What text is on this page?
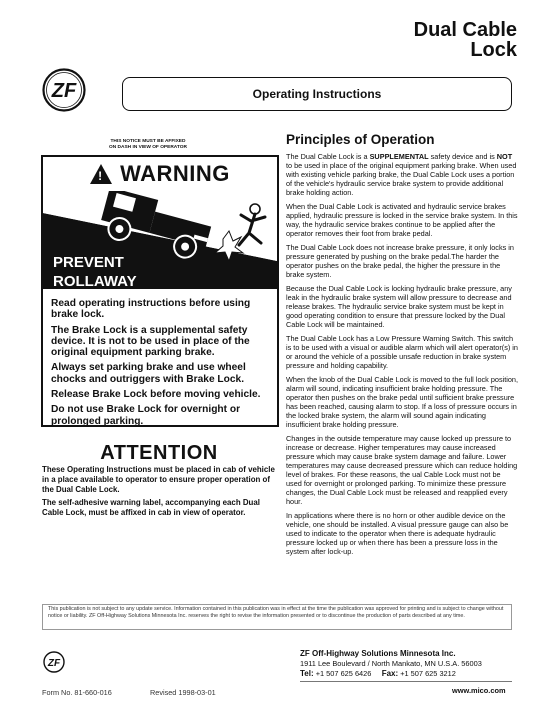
Dual Cable
Lock
ZF	Operating Instructions
THIS NOTICE MUST BE AFFIXED
ON DASH IN VIEW OF OPERATOR
! WARNING
PREVENT
ROLLAWAY

Read operating instructions before using brake lock.

The Brake Lock is a supplemental safety device. It is not to be used in place of the original equipment parking brake.

Always set parking brake and use wheel chocks and outriggers with Brake Lock.

Release Brake Lock before moving vehicle.

Do not use Brake Lock for overnight or prolonged parking.

ATTENTION

These Operating Instructions must be placed in cab of vehicle in a place available to operator to ensure proper operation of the Dual Cable Lock.

The self-adhesive warning label, accompanying each Dual Cable Lock, must be affixed in cab in view of operator.

Principles of Operation

The Dual Cable Lock is a SUPPLEMENTAL safety device and is NOT to be used in place of the original equipment parking brake. When used with existing vehicle parking brake, the Dual Cable Lock uses a portion of the vehicle's hydraulic service brake system to provide additional brake holding action.

When the Dual Cable Lock is activated and hydraulic service brakes applied, hydraulic pressure is locked in the service brake system. In this way, the hydraulic service brakes continue to be applied after the operator removes their foot from brake pedal.

The Dual Cable Lock does not increase brake pressure, it only locks in pressure generated by pushing on the brake pedal.The harder the operator pushes on the brake pedal, the higher the pressure in the brake system.

Because the Dual Cable Lock is locking hydraulic brake pressure, any leak in the hydraulic brake system will allow pressure to decrease and release brakes. The hydraulic service brake system must be kept in good operating condition to ensure that pressure locked by the Dual Cable Lock will be maintained.

The Dual Cable Lock has a Low Pressure Warning Switch. This switch is to be used with a visual or audible alarm which will alert operator(s) in or around the vehicle of a possible unsafe reduction in brake system pressure and holding capability.

When the knob of the Dual Cable Lock is moved to the full lock position, alarm will sound, indicating insufficient brake holding pressure. The operator then pushes on the brake pedal until sufficient brake pressure has been reached, causing alarm to stop. If a loss of pressure occurs in the locked brake system, the alarm will sound again indicating insufficient brake holding pressure.

Changes in the outside temperature may cause locked up pressure to increase or decrease. Higher temperatures may cause increased pressure which may cause brake system damage and failure. Lower temperatures may cause decreased pressure which can reduce holding level of brakes. For these reasons, the ual Cable Lock must not be used for overnight or prolonged parking. To minimize these pressure changes, the Dual Cable Lock must be released and reapplied every hour.

In applications where there is no horn or other audible device on the vehicle, one should be installed. A visual pressure gauge can also be used to indicate to the operator when there is adequate hydraulic pressure locked up or when there has been a pressure loss in the system after lock-up.

This publication is not subject to any update service. Information contained in this publication was in effect at the time the publication was approved for printing and is subject to change without notice or liability. ZF Off-Highway Solutions Minnesota Inc. reserves the right to revise the information presented or to discontinue the production of parts described at any time.
ZF
ZF Off-Highway Solutions Minnesota Inc.
1911 Lee Boulevard / North Mankato, MN U.S.A. 56003
Tel: +1 507 625 6426 Fax: +1 507 625 3212
Form No. 81-660-016	Revised 1998-03-01	www.mico.com
